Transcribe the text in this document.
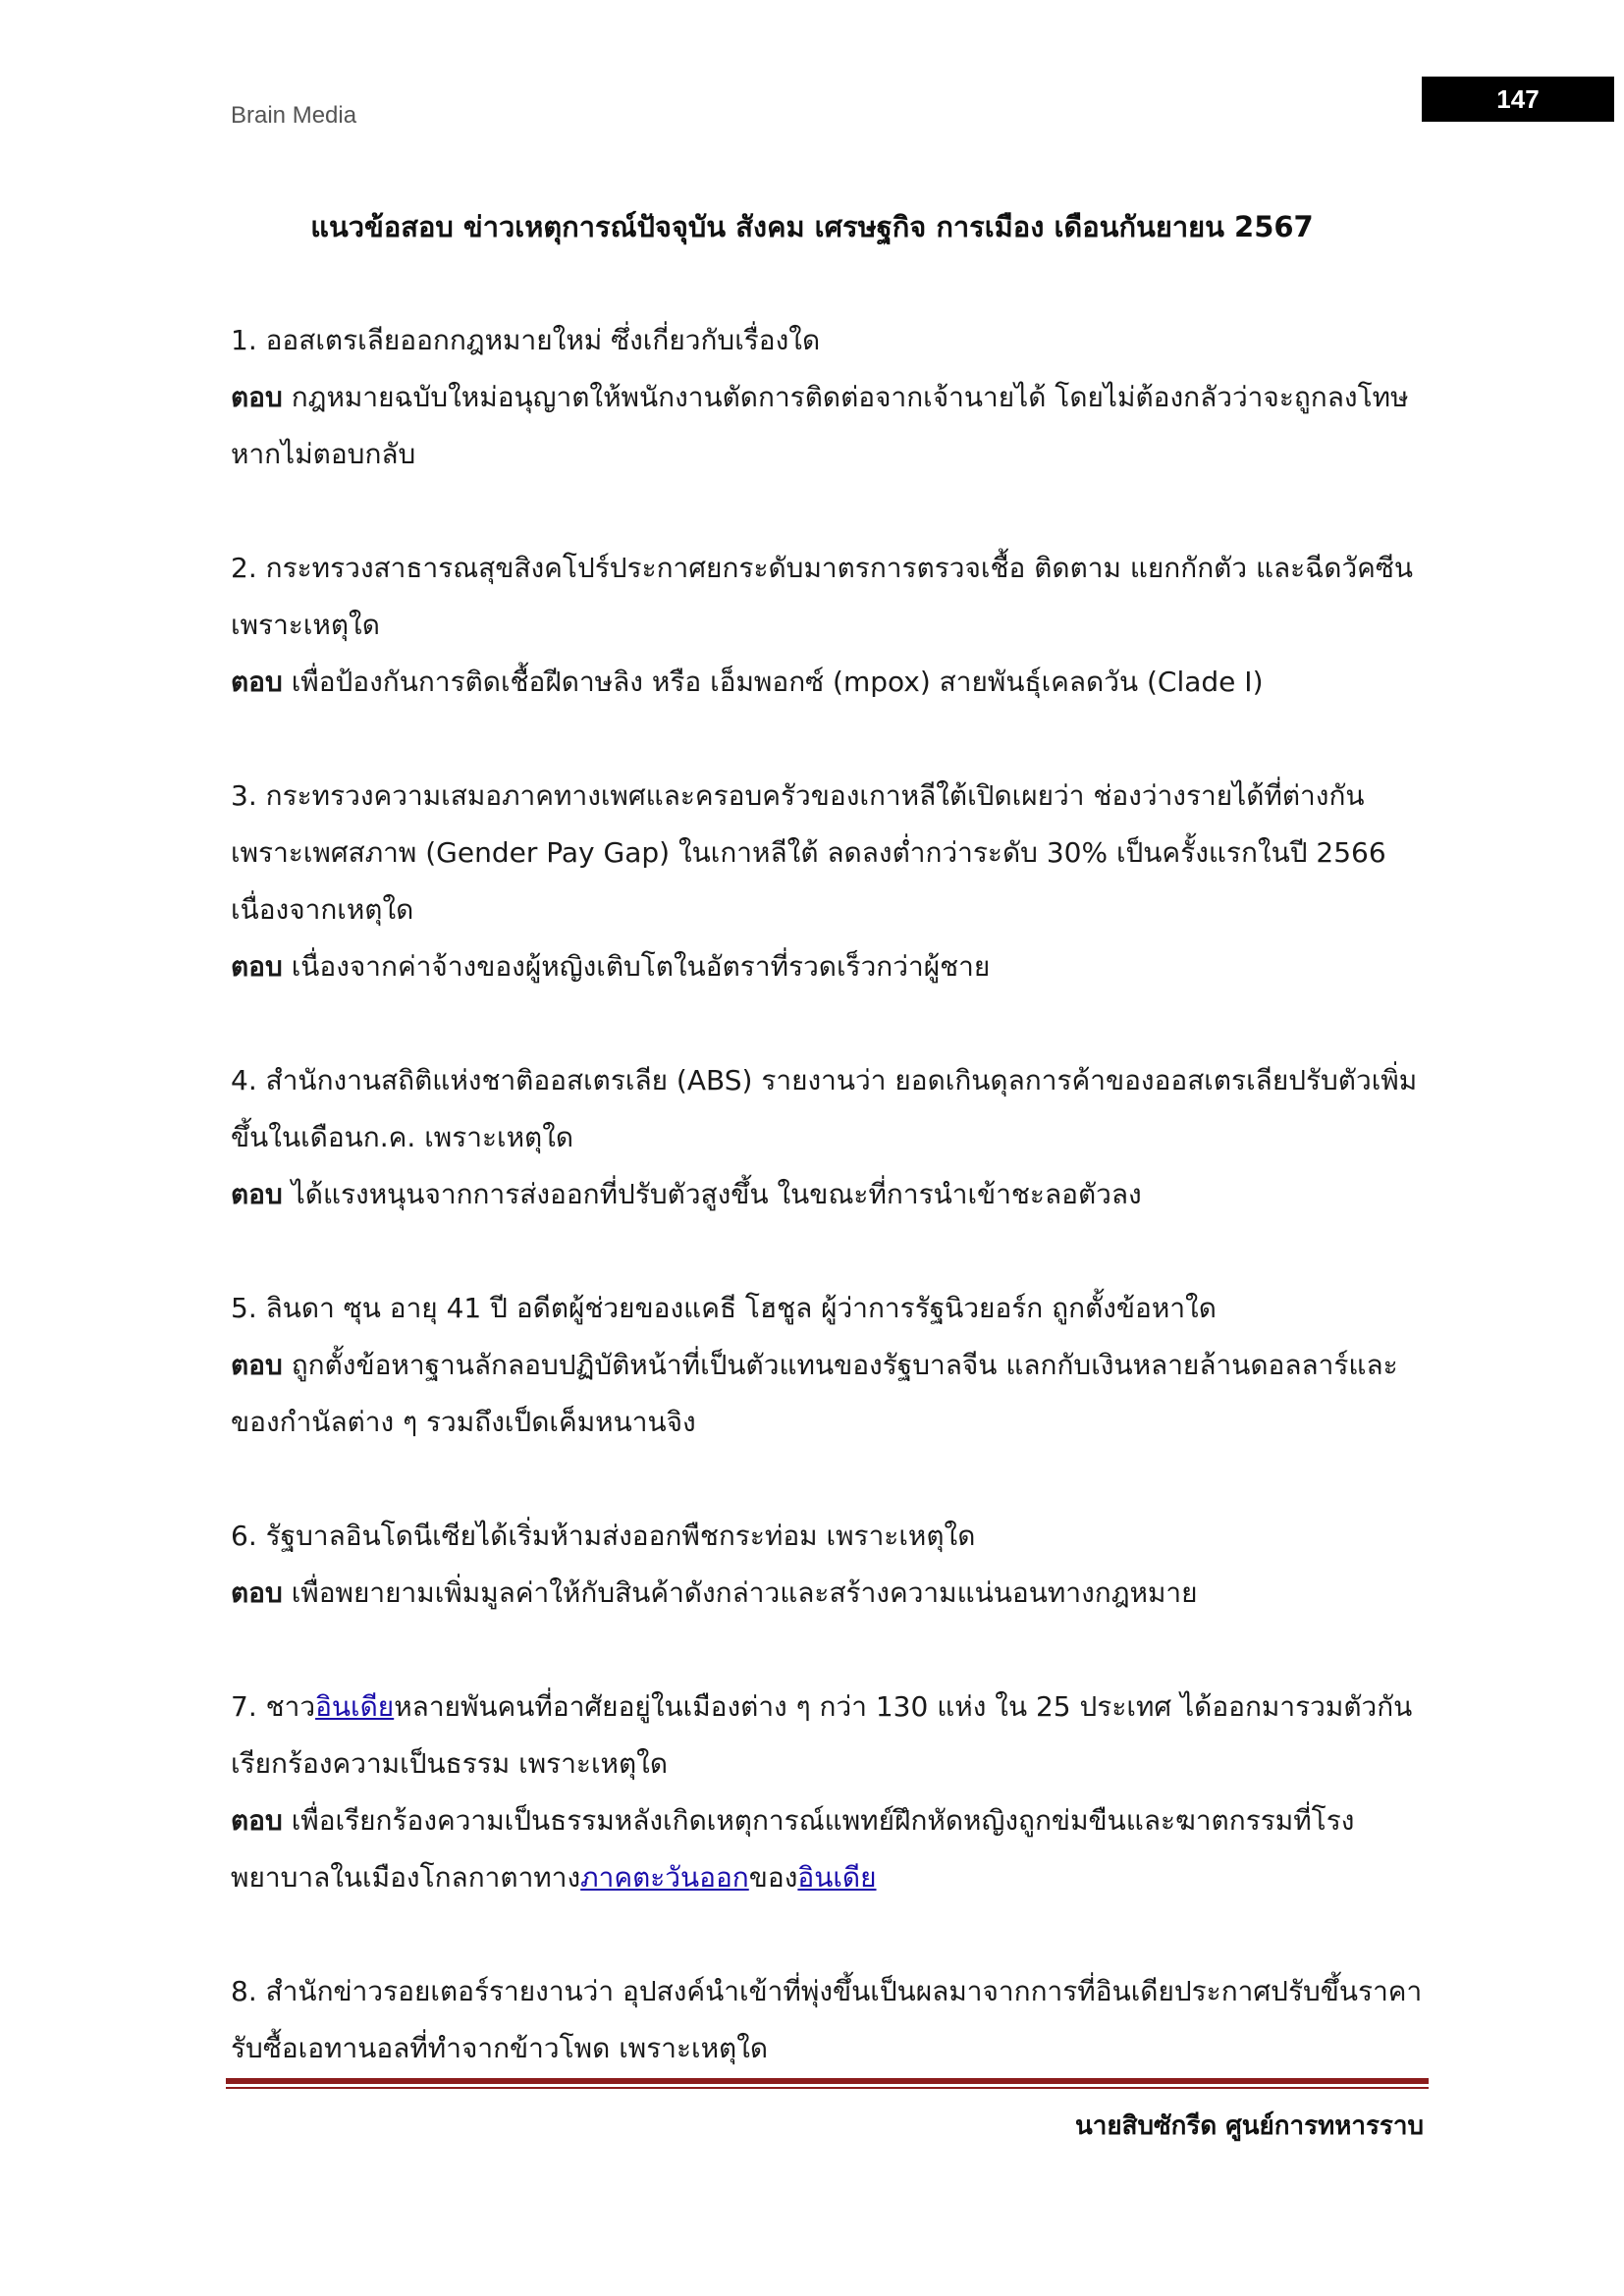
Brain Media
147
แนวข้อสอบ ข่าวเหตุการณ์ปัจจุบัน สังคม เศรษฐกิจ การเมือง เดือนกันยายน 2567

1. ออสเตรเลียออกกฎหมายใหม่ ซึ่งเกี่ยวกับเรื่องใด

ตอบ กฎหมายฉบับใหม่อนุญาตให้พนักงานตัดการติดต่อจากเจ้านายได้ โดยไม่ต้องกลัวว่าจะถูกลงโทษหากไม่ตอบกลับ

2. กระทรวงสาธารณสุขสิงคโปร์ประกาศยกระดับมาตรการตรวจเชื้อ ติดตาม แยกกักตัว และฉีดวัคซีน เพราะเหตุใด

ตอบ เพื่อป้องกันการติดเชื้อฝีดาษลิง หรือ เอ็มพอกซ์ (mpox) สายพันธุ์เคลดวัน (Clade I)

3. กระทรวงความเสมอภาคทางเพศและครอบครัวของเกาหลีใต้เปิดเผยว่า ช่องว่างรายได้ที่ต่างกันเพราะเพศสภาพ (Gender Pay Gap) ในเกาหลีใต้ ลดลงต่ำกว่าระดับ 30% เป็นครั้งแรกในปี 2566 เนื่องจากเหตุใด

ตอบ เนื่องจากค่าจ้างของผู้หญิงเติบโตในอัตราที่รวดเร็วกว่าผู้ชาย

4. สำนักงานสถิติแห่งชาติออสเตรเลีย (ABS) รายงานว่า ยอดเกินดุลการค้าของออสเตรเลียปรับตัวเพิ่มขึ้นในเดือนก.ค. เพราะเหตุใด

ตอบ ได้แรงหนุนจากการส่งออกที่ปรับตัวสูงขึ้น ในขณะที่การนำเข้าชะลอตัวลง

5. ลินดา ซุน อายุ 41 ปี อดีตผู้ช่วยของแคธี โฮชูล ผู้ว่าการรัฐนิวยอร์ก ถูกตั้งข้อหาใด

ตอบ ถูกตั้งข้อหาฐานลักลอบปฏิบัติหน้าที่เป็นตัวแทนของรัฐบาลจีน แลกกับเงินหลายล้านดอลลาร์และของกำนัลต่าง ๆ รวมถึงเป็ดเค็มหนานจิง

6. รัฐบาลอินโดนีเซียได้เริ่มห้ามส่งออกพืชกระท่อม เพราะเหตุใด

ตอบ เพื่อพยายามเพิ่มมูลค่าให้กับสินค้าดังกล่าวและสร้างความแน่นอนทางกฎหมาย

7. ชาวอินเดียหลายพันคนที่อาศัยอยู่ในเมืองต่าง ๆ กว่า 130 แห่ง ใน 25 ประเทศ ได้ออกมารวมตัวกันเรียกร้องความเป็นธรรม เพราะเหตุใด

ตอบ เพื่อเรียกร้องความเป็นธรรมหลังเกิดเหตุการณ์แพทย์ฝึกหัดหญิงถูกข่มขืนและฆาตกรรมที่โรงพยาบาลในเมืองโกลกาตาทางภาคตะวันออกของอินเดีย

8. สำนักข่าวรอยเตอร์รายงานว่า อุปสงค์นำเข้าที่พุ่งขึ้นเป็นผลมาจากการที่อินเดียประกาศปรับขึ้นราคารับซื้อเอทานอลที่ทำจากข้าวโพด เพราะเหตุใด

นายสิบซักรีด ศูนย์การทหารราบ
